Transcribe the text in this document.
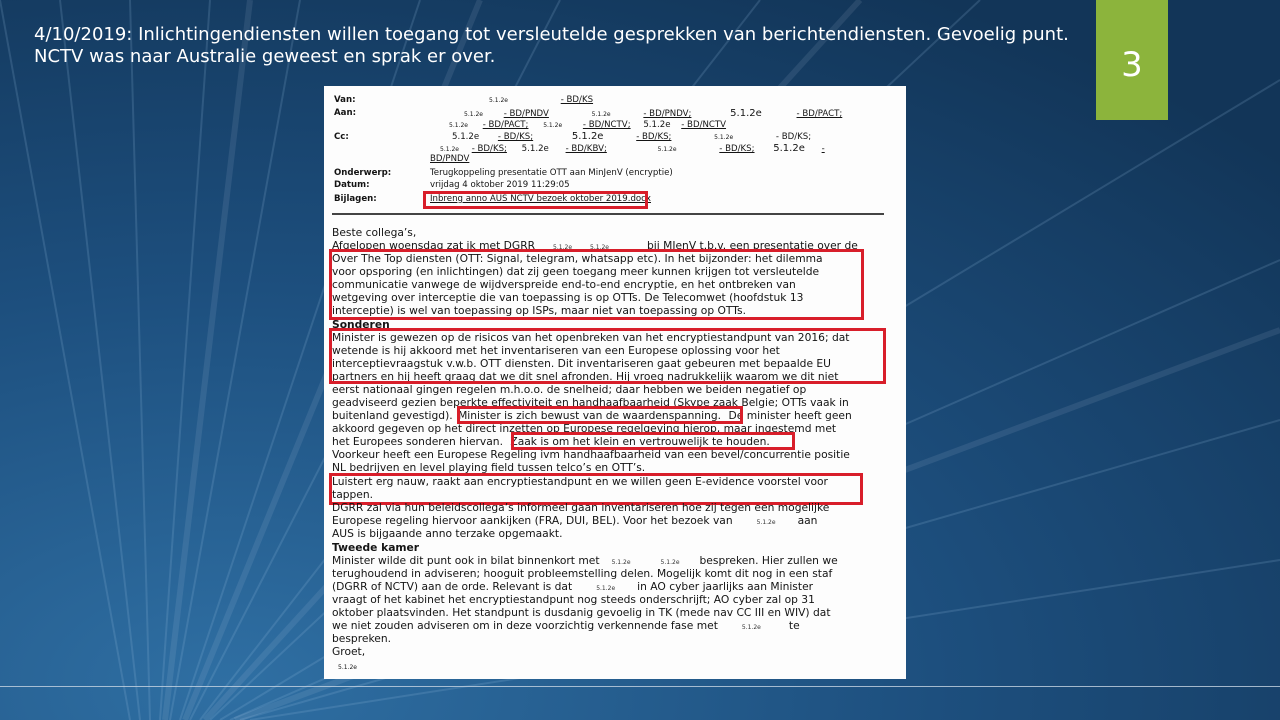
4/10/2019: Inlichtingendiensten willen toegang tot versleutelde gesprekken van berichtendiensten. Gevoelig punt. NCTV was naar Australie geweest en sprak er over.	3
Van:	5.1.2e	- BD/KS
Aan:	5.1.2e - BD/PNDV	5.1.2e	- BD/PNDV;	5.1.2e	- BD/PACT;
5.1.2e - BD/PACT; 5.1.2e - BD/NCTV; 5.1.2e - BD/NCTV
Cc:	5.1.2e - BD/KS;	5.1.2e	- BD/KS;	5.1.2e	- BD/KS;
5.1.2e - BD/KS; 5.1.2e - BD/KBV;	5.1.2e	- BD/KS; 5.1.2e -
BD/PNDV
Onderwerp:	Terugkoppeling presentatie OTT aan MinJenV (encryptie)
Datum:	vrijdag 4 oktober 2019 11:29:05
Bijlagen:	Inbreng anno AUS NCTV bezoek oktober 2019.docx
Beste collega’s,
Afgelopen woensdag zat ik met DGRR	5.1.2e	5.1.2e	bij MJenV t.b.v. een presentatie over de
Over The Top diensten (OTT: Signal, telegram, whatsapp etc). In het bijzonder: het dilemma
voor opsporing (en inlichtingen) dat zij geen toegang meer kunnen krijgen tot versleutelde
communicatie vanwege de wijdverspreide end-to-end encryptie, en het ontbreken van
wetgeving over interceptie die van toepassing is op OTTs. De Telecomwet (hoofdstuk 13
interceptie) is wel van toepassing op ISPs, maar niet van toepassing op OTTs.
Sonderen
Minister is gewezen op de risicos van het openbreken van het encryptiestandpunt van 2016; dat
wetende is hij akkoord met het inventariseren van een Europese oplossing voor het
interceptievraagstuk v.w.b. OTT diensten. Dit inventariseren gaat gebeuren met bepaalde EU
partners en hij heeft graag dat we dit snel afronden. Hij vroeg nadrukkelijk waarom we dit niet
eerst nationaal gingen regelen m.h.o.o. de snelheid; daar hebben we beiden negatief op
geadviseerd gezien beperkte effectiviteit en handhaafbaarheid (Skype zaak Belgie; OTTs vaak in
buitenland gevestigd). Minister is zich bewust van de waardenspanning. De minister heeft geen
akkoord gegeven op het direct inzetten op Europese regelgeving hierop, maar ingestemd met
het Europees sonderen hiervan. Zaak is om het klein en vertrouwelijk te houden.
Voorkeur heeft een Europese Regeling ivm handhaafbaarheid van een bevel/concurrentie positie
NL bedrijven en level playing field tussen telco’s en OTT’s.
Luistert erg nauw, raakt aan encryptiestandpunt en we willen geen E-evidence voorstel voor
tappen.
DGRR zal via hun beleidscollega’s informeel gaan inventariseren hoe zij tegen een mogelijke
Europese regeling hiervoor aankijken (FRA, DUI, BEL). Voor het bezoek van	5.1.2e aan
AUS is bijgaande anno terzake opgemaakt.
Tweede kamer
Minister wilde dit punt ook in bilat binnenkort met 5.1.2e	5.1.2e bespreken. Hier zullen we
terughoudend in adviseren; hooguit probleemstelling delen. Mogelijk komt dit nog in een staf
(DGRR of NCTV) aan de orde. Relevant is dat	5.1.2e in AO cyber jaarlijks aan Minister
vraagt of het kabinet het encryptiestandpunt nog steeds onderschrijft; AO cyber zal op 31
oktober plaatsvinden. Het standpunt is dusdanig gevoelig in TK (mede nav CC III en WIV) dat
we niet zouden adviseren om in deze voorzichtig verkennende fase met	5.1.2e	te
bespreken.
Groet,
5.1.2e
